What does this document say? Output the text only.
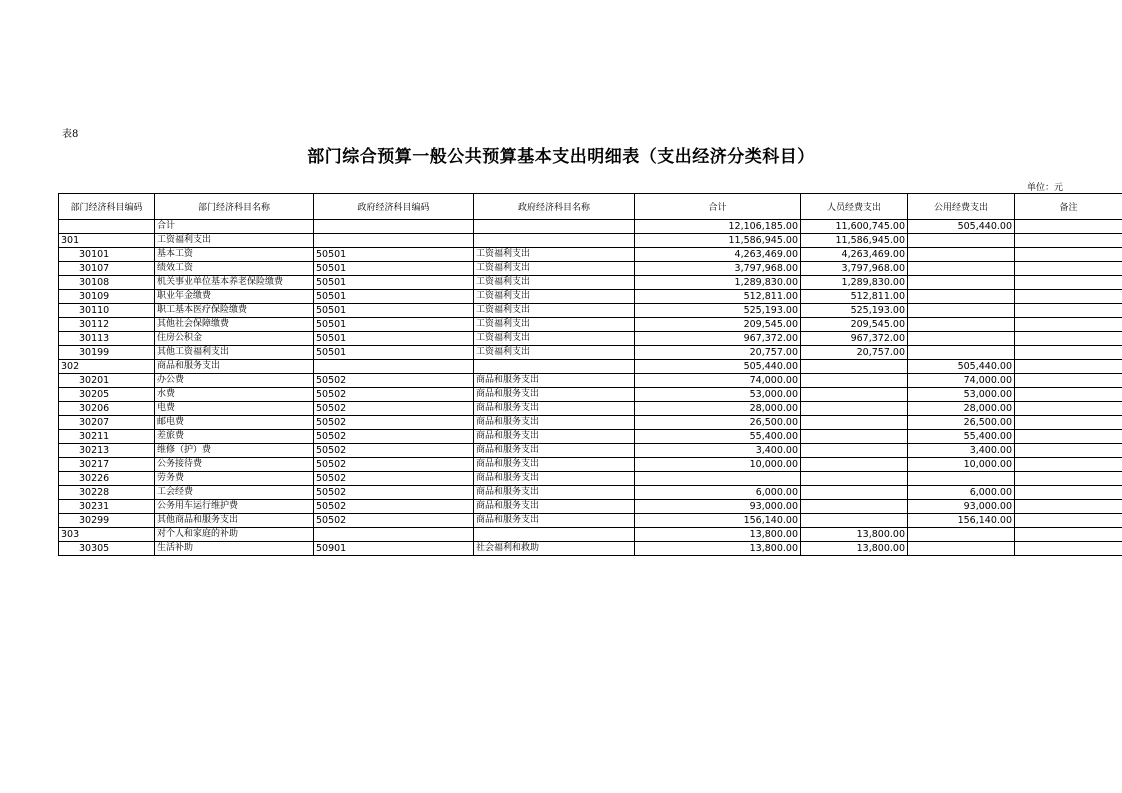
表8
部门综合预算一般公共预算基本支出明细表（支出经济分类科目）
单位：元
部门经济科目编码	部门经济科目名称	政府经济科目编码	政府经济科目名称	合计	人员经费支出	公用经费支出	备注
	合计			12,106,185.00	11,600,745.00	505,440.00	
301	工资福利支出			11,586,945.00	11,586,945.00		
30101	基本工资	50501	工资福利支出	4,263,469.00	4,263,469.00		
30107	绩效工资	50501	工资福利支出	3,797,968.00	3,797,968.00		
30108	机关事业单位基本养老保险缴费	50501	工资福利支出	1,289,830.00	1,289,830.00		
30109	职业年金缴费	50501	工资福利支出	512,811.00	512,811.00		
30110	职工基本医疗保险缴费	50501	工资福利支出	525,193.00	525,193.00		
30112	其他社会保障缴费	50501	工资福利支出	209,545.00	209,545.00		
30113	住房公积金	50501	工资福利支出	967,372.00	967,372.00		
30199	其他工资福利支出	50501	工资福利支出	20,757.00	20,757.00		
302	商品和服务支出			505,440.00		505,440.00	
30201	办公费	50502	商品和服务支出	74,000.00		74,000.00	
30205	水费	50502	商品和服务支出	53,000.00		53,000.00	
30206	电费	50502	商品和服务支出	28,000.00		28,000.00	
30207	邮电费	50502	商品和服务支出	26,500.00		26,500.00	
30211	差旅费	50502	商品和服务支出	55,400.00		55,400.00	
30213	维修（护）费	50502	商品和服务支出	3,400.00		3,400.00	
30217	公务接待费	50502	商品和服务支出	10,000.00		10,000.00	
30226	劳务费	50502	商品和服务支出				
30228	工会经费	50502	商品和服务支出	6,000.00		6,000.00	
30231	公务用车运行维护费	50502	商品和服务支出	93,000.00		93,000.00	
30299	其他商品和服务支出	50502	商品和服务支出	156,140.00		156,140.00	
303	对个人和家庭的补助			13,800.00	13,800.00		
30305	生活补助	50901	社会福利和救助	13,800.00	13,800.00		
